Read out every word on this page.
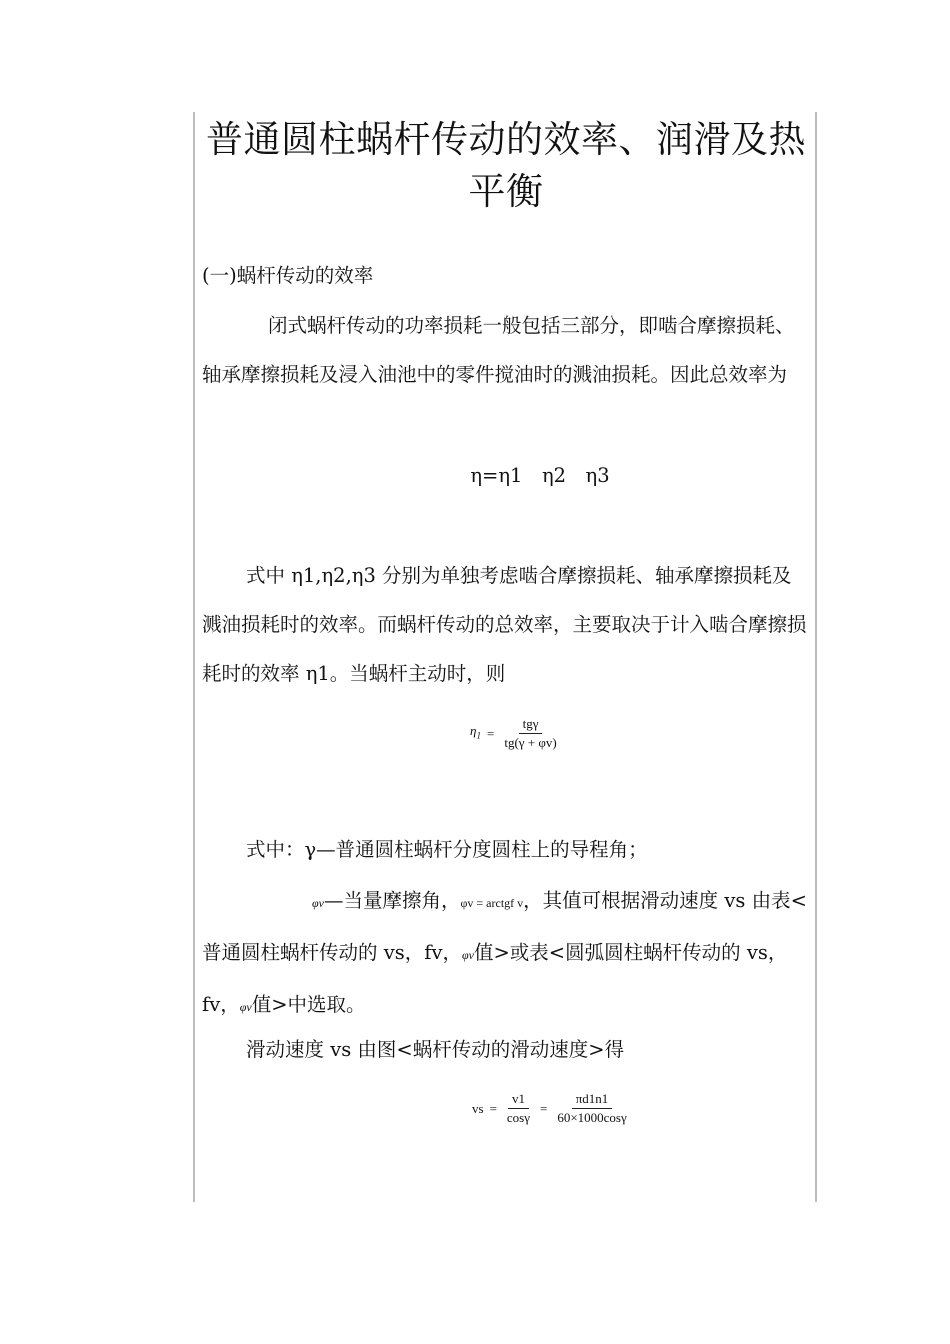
普通圆柱蜗杆传动的效率、润滑及热平衡
(一)蜗杆传动的效率
闭式蜗杆传动的功率损耗一般包括三部分，即啮合摩擦损耗、轴承摩擦损耗及浸入油池中的零件搅油时的溅油损耗。因此总效率为
η=η1　η2　η3
式中 η1,η2,η3 分别为单独考虑啮合摩擦损耗、轴承摩擦损耗及溅油损耗时的效率。而蜗杆传动的总效率，主要取决于计入啮合摩擦损耗时的效率 η1。当蜗杆主动时，则
$\eta_1 = \frac{\text{tgγ}}{tg(\gamma + \varphi v)}$
式中：γ—普通圆柱蜗杆分度圆柱上的导程角；
φv—当量摩擦角，φv = arctgf v，其值可根据滑动速度 vs 由表<普通圆柱蜗杆传动的 vs，fv，φv值>或表<圆弧圆柱蜗杆传动的 vs，fv，φv值>中选取。
滑动速度 vs 由图<蜗杆传动的滑动速度>得
vs = $\frac{v1}{\cos\gamma} = \frac{\pi d1n1}{60\times 1000\cos\gamma}$
